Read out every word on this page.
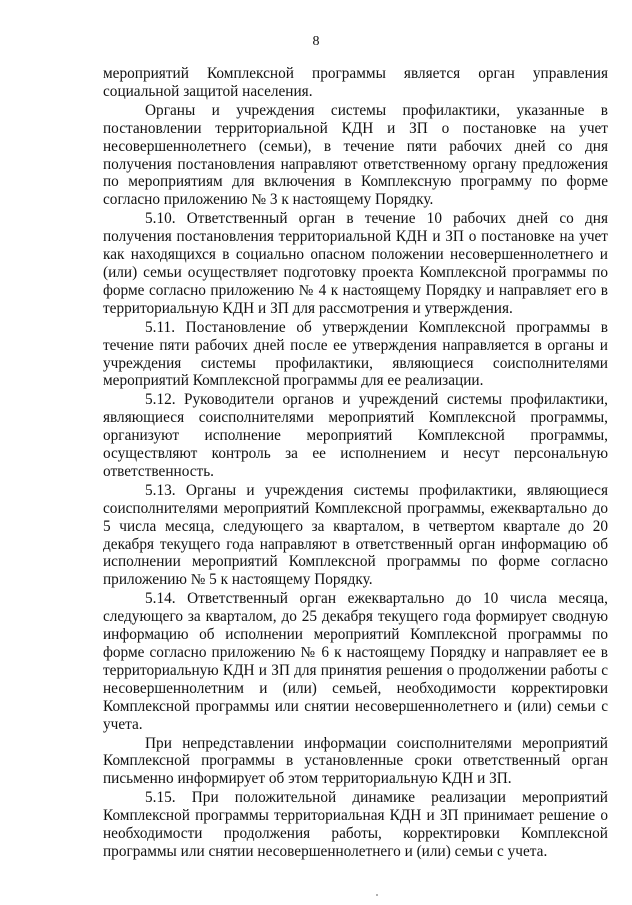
8

мероприятий Комплексной программы является орган управления социальной защитой населения.

Органы и учреждения системы профилактики, указанные в постановлении территориальной КДН и ЗП о постановке на учет несовершеннолетнего (семьи), в течение пяти рабочих дней со дня получения постановления направляют ответственному органу предложения по мероприятиям для включения в Комплексную программу по форме согласно приложению № 3 к настоящему Порядку.

5.10. Ответственный орган в течение 10 рабочих дней со дня получения постановления территориальной КДН и ЗП о постановке на учет как находящихся в социально опасном положении несовершеннолетнего и (или) семьи осуществляет подготовку проекта Комплексной программы по форме согласно приложению № 4 к настоящему Порядку и направляет его в территориальную КДН и ЗП для рассмотрения и утверждения.

5.11. Постановление об утверждении Комплексной программы в течение пяти рабочих дней после ее утверждения направляется в органы и учреждения системы профилактики, являющиеся соисполнителями мероприятий Комплексной программы для ее реализации.

5.12. Руководители органов и учреждений системы профилактики, являющиеся соисполнителями мероприятий Комплексной программы, организуют исполнение мероприятий Комплексной программы, осуществляют контроль за ее исполнением и несут персональную ответственность.

5.13. Органы и учреждения системы профилактики, являющиеся соисполнителями мероприятий Комплексной программы, ежеквартально до 5 числа месяца, следующего за кварталом, в четвертом квартале до 20 декабря текущего года направляют в ответственный орган информацию об исполнении мероприятий Комплексной программы по форме согласно приложению № 5 к настоящему Порядку.

5.14. Ответственный орган ежеквартально до 10 числа месяца, следующего за кварталом, до 25 декабря текущего года формирует сводную информацию об исполнении мероприятий Комплексной программы по форме согласно приложению № 6 к настоящему Порядку и направляет ее в территориальную КДН и ЗП для принятия решения о продолжении работы с несовершеннолетним и (или) семьей, необходимости корректировки Комплексной программы или снятии несовершеннолетнего и (или) семьи с учета.

При непредставлении информации соисполнителями мероприятий Комплексной программы в установленные сроки ответственный орган письменно информирует об этом территориальную КДН и ЗП.

5.15. При положительной динамике реализации мероприятий Комплексной программы территориальная КДН и ЗП принимает решение о необходимости продолжения работы, корректировки Комплексной программы или снятии несовершеннолетнего и (или) семьи с учета.
